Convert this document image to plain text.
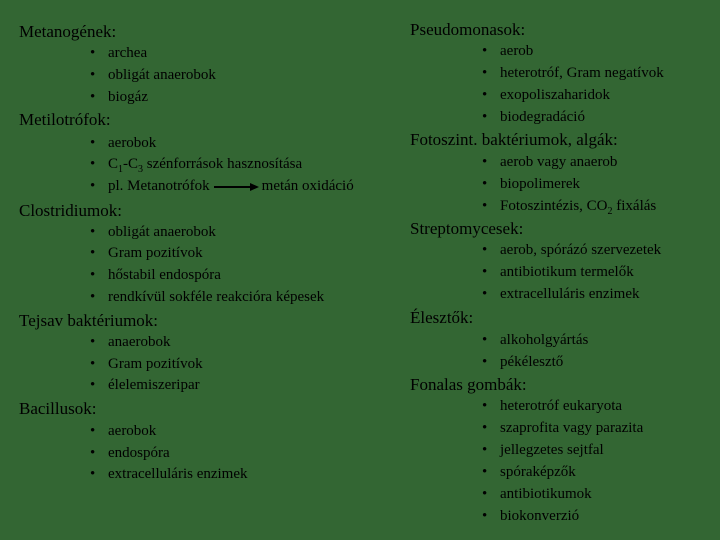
Metanogének:
• archea
• obligát anaerobok
• biogáz
Metilotrófok:
• aerobok
• $C_1-C_3$ szénforrások hasznosítása
• pl. Metanotrófok	metán oxidáció
Clostridiumok:
• obligát anaerobok
• Gram pozitívok
• hőstabil endospóra
• rendkívül sokféle reakcióra képesek
Tejsav baktériumok:
• anaerobok
• Gram pozitívok
• élelemiszeripar
Bacillusok:
• aerobok
• endospóra
• extracelluláris enzimek
Pseudomonasok:
• aerob
• heterotróf, Gram negatívok
• exopoliszaharidok
• biodegradáció
Fotoszint. baktériumok, algák:
• aerob vagy anaerob
• biopolimerek
• Fotoszintézis, $CO_2$ fixálás
Streptomycesek:
• aerob, spórázó szervezetek
• antibiotikum termelők
• extracelluláris enzimek
Élesztők:
• alkoholgyártás
• pékélesztő
Fonalas gombák:
• heterotróf eukaryota
• szaprofita vagy parazita
• jellegzetes sejtfal
• spóraképzők
• antibiotikumok
• biokonverzió
